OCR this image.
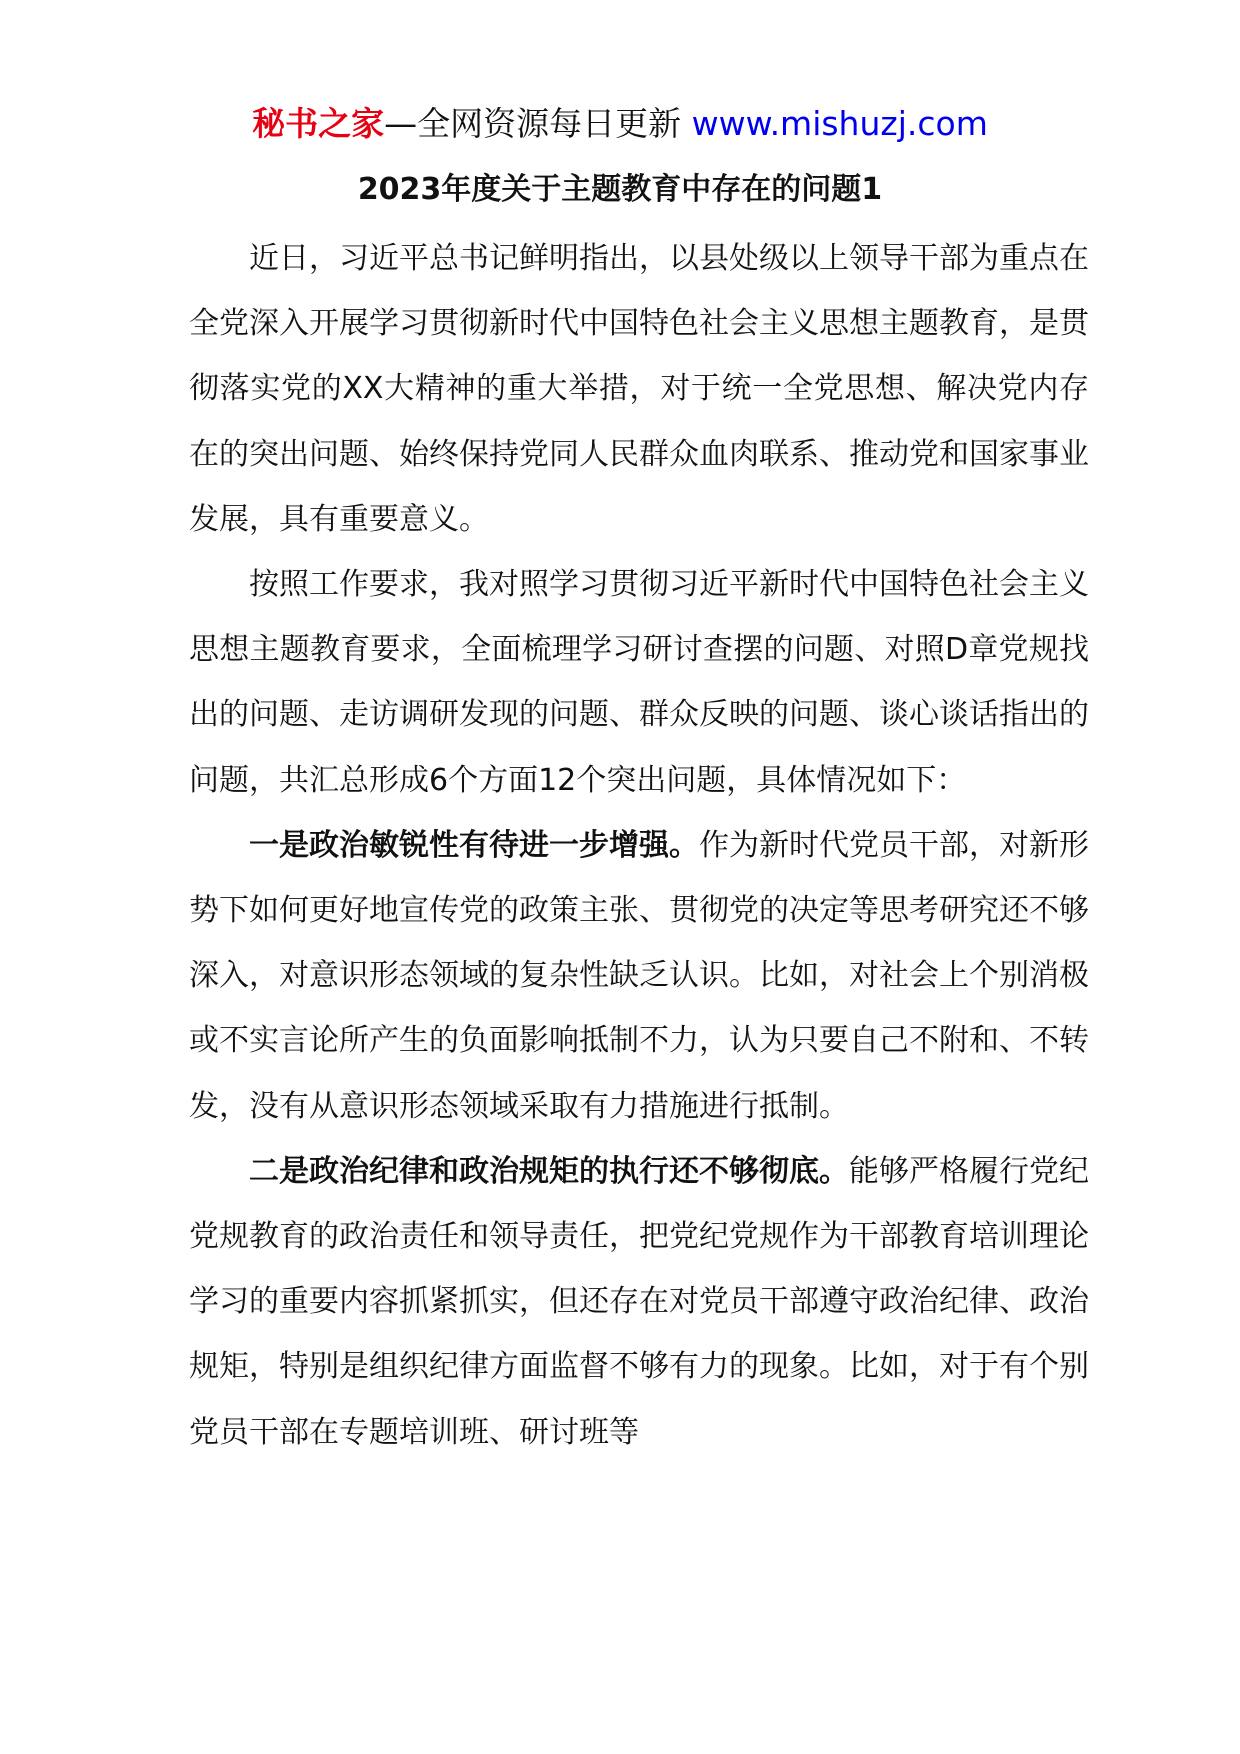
秘书之家—全网资源每日更新 www.mishuzj.com
2023年度关于主题教育中存在的问题1

近日，习近平总书记鲜明指出，以县处级以上领导干部为重点在全党深入开展学习贯彻新时代中国特色社会主义思想主题教育，是贯彻落实党的XX大精神的重大举措，对于统一全党思想、解决党内存在的突出问题、始终保持党同人民群众血肉联系、推动党和国家事业发展，具有重要意义。

按照工作要求，我对照学习贯彻习近平新时代中国特色社会主义思想主题教育要求，全面梳理学习研讨查摆的问题、对照D章党规找出的问题、走访调研发现的问题、群众反映的问题、谈心谈话指出的问题，共汇总形成6个方面12个突出问题，具体情况如下：

一是政治敏锐性有待进一步增强。作为新时代党员干部，对新形势下如何更好地宣传党的政策主张、贯彻党的决定等思考研究还不够深入，对意识形态领域的复杂性缺乏认识。比如，对社会上个别消极或不实言论所产生的负面影响抵制不力，认为只要自己不附和、不转发，没有从意识形态领域采取有力措施进行抵制。

二是政治纪律和政治规矩的执行还不够彻底。能够严格履行党纪党规教育的政治责任和领导责任，把党纪党规作为干部教育培训理论学习的重要内容抓紧抓实，但还存在对党员干部遵守政治纪律、政治规矩，特别是组织纪律方面监督不够有力的现象。比如，对于有个别党员干部在专题培训班、研讨班等
